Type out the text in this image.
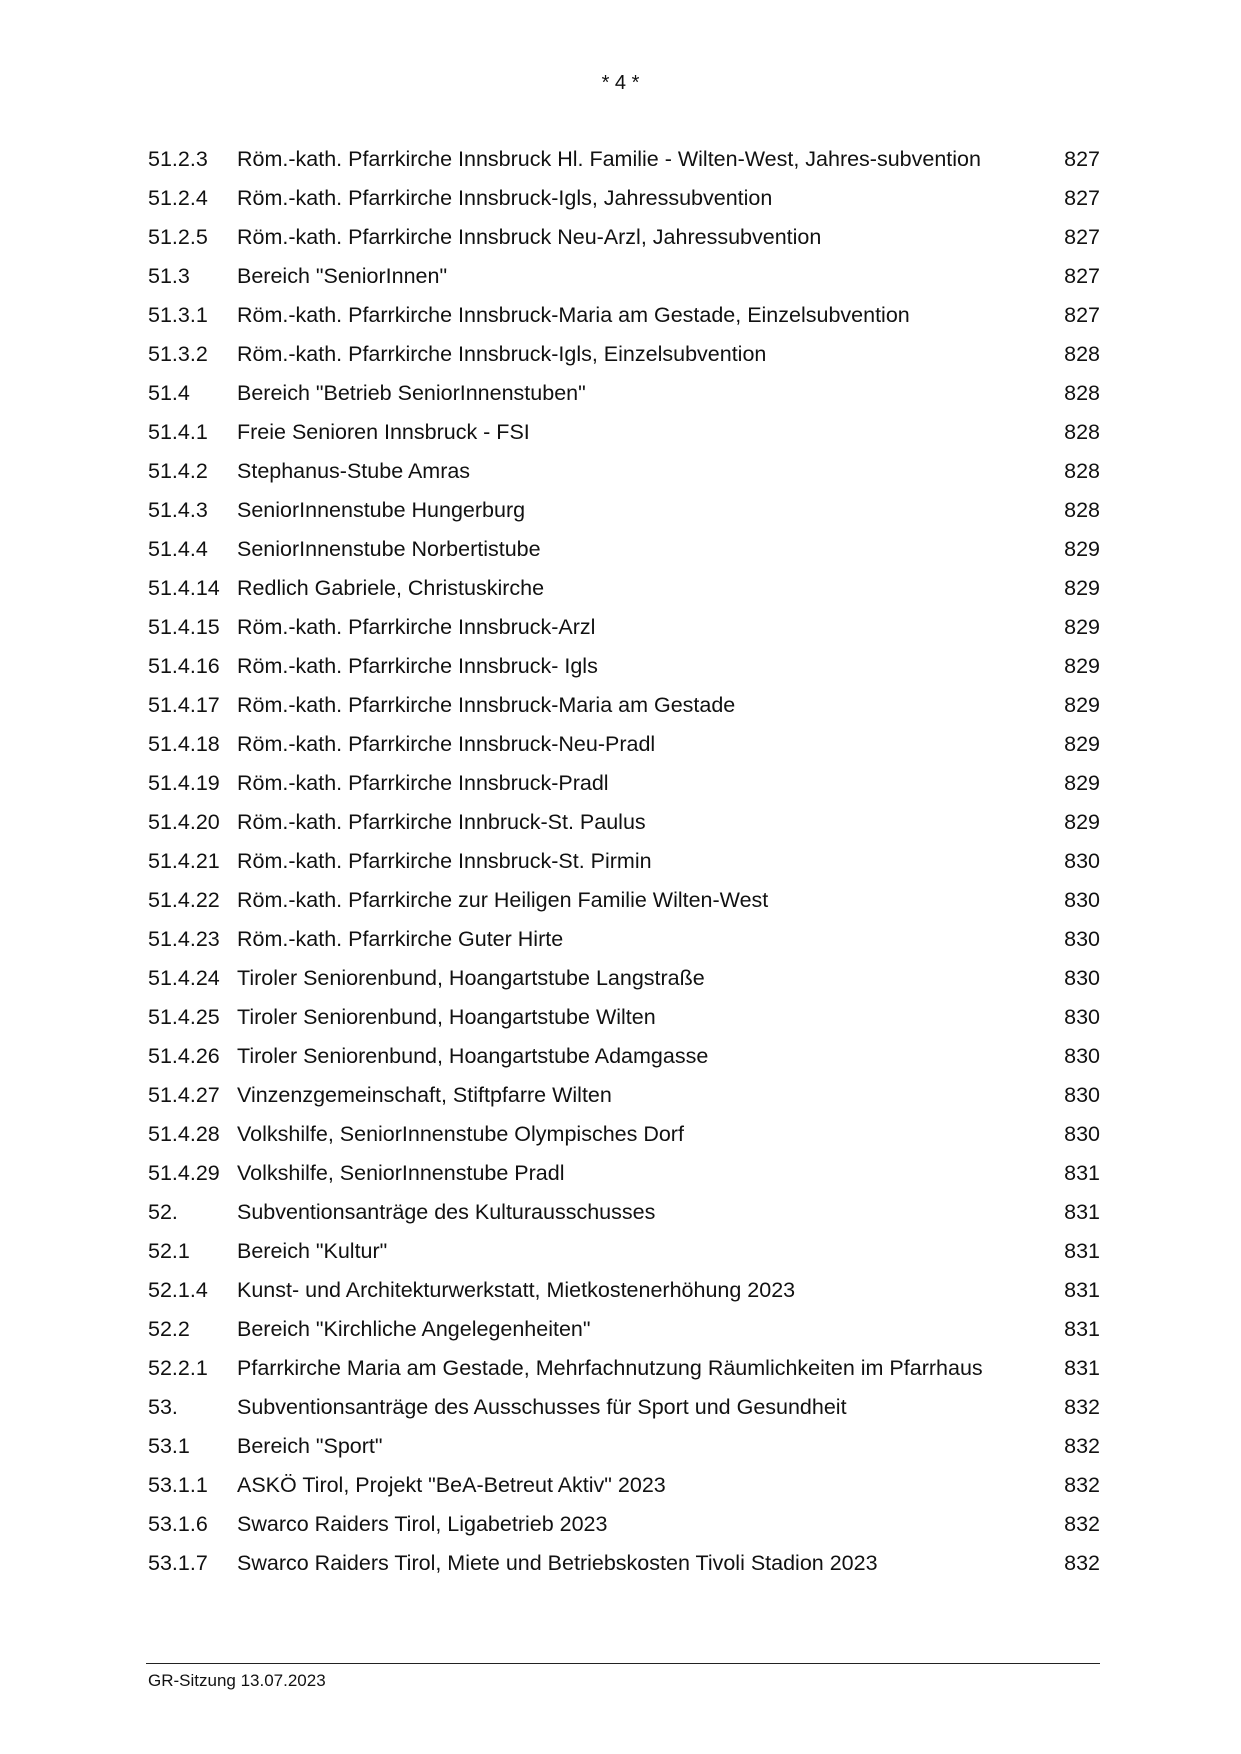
* 4 *
51.2.3	Röm.-kath. Pfarrkirche Innsbruck Hl. Familie - Wilten-West, Jahres-subvention	827
51.2.4	Röm.-kath. Pfarrkirche Innsbruck-Igls, Jahressubvention	827
51.2.5	Röm.-kath. Pfarrkirche Innsbruck Neu-Arzl, Jahressubvention	827
51.3	Bereich "SeniorInnen"	827
51.3.1	Röm.-kath. Pfarrkirche Innsbruck-Maria am Gestade, Einzelsubvention	827
51.3.2	Röm.-kath. Pfarrkirche Innsbruck-Igls, Einzelsubvention	828
51.4	Bereich "Betrieb SeniorInnenstuben"	828
51.4.1	Freie Senioren Innsbruck - FSI	828
51.4.2	Stephanus-Stube Amras	828
51.4.3	SeniorInnenstube Hungerburg	828
51.4.4	SeniorInnenstube Norbertistube	829
51.4.14 Redlich Gabriele, Christuskirche	829
51.4.15 Röm.-kath. Pfarrkirche Innsbruck-Arzl	829
51.4.16 Röm.-kath. Pfarrkirche Innsbruck- Igls	829
51.4.17 Röm.-kath. Pfarrkirche Innsbruck-Maria am Gestade	829
51.4.18 Röm.-kath. Pfarrkirche Innsbruck-Neu-Pradl	829
51.4.19 Röm.-kath. Pfarrkirche Innsbruck-Pradl	829
51.4.20 Röm.-kath. Pfarrkirche Innbruck-St. Paulus	829
51.4.21 Röm.-kath. Pfarrkirche Innsbruck-St. Pirmin	830
51.4.22 Röm.-kath. Pfarrkirche zur Heiligen Familie Wilten-West	830
51.4.23 Röm.-kath. Pfarrkirche Guter Hirte	830
51.4.24 Tiroler Seniorenbund, Hoangartstube Langstraße	830
51.4.25 Tiroler Seniorenbund, Hoangartstube Wilten	830
51.4.26 Tiroler Seniorenbund, Hoangartstube Adamgasse	830
51.4.27 Vinzenzgemeinschaft, Stiftpfarre Wilten	830
51.4.28 Volkshilfe, SeniorInnenstube Olympisches Dorf	830
51.4.29 Volkshilfe, SeniorInnenstube Pradl	831
52.	Subventionsanträge des Kulturausschusses	831
52.1	Bereich "Kultur"	831
52.1.4	Kunst- und Architekturwerkstatt, Mietkostenerhöhung 2023	831
52.2	Bereich "Kirchliche Angelegenheiten"	831
52.2.1	Pfarrkirche Maria am Gestade, Mehrfachnutzung Räumlichkeiten im Pfarrhaus	831
53.	Subventionsanträge des Ausschusses für Sport und Gesundheit	832
53.1	Bereich "Sport"	832
53.1.1	ASKÖ Tirol, Projekt "BeA-Betreut Aktiv" 2023	832
53.1.6	Swarco Raiders Tirol, Ligabetrieb 2023	832
53.1.7	Swarco Raiders Tirol, Miete und Betriebskosten Tivoli Stadion 2023	832
GR-Sitzung 13.07.2023
